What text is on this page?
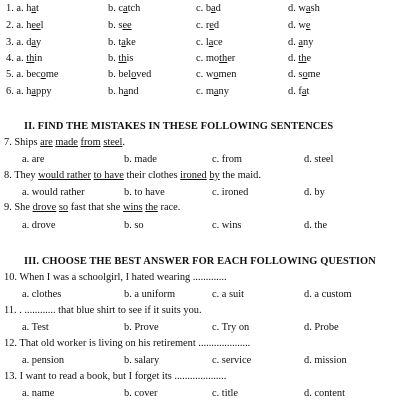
1. a. hat	b. catch	c. bad	d. wash
2. a. heel	b. see	c. red	d. we
3. a. day	b. take	c. lace	d. any
4. a. thin	b. this	c. mother	d. the
5. a. become	b. beloved	c. women	d. some
6. a. happy	b. hand	c. many	d. fat
II. FIND THE MISTAKES IN THESE FOLLOWING SENTENCES
7. Ships are made from steel.
a. are	b. made	c. from	d. steel
8. They would rather to have their clothes ironed by the maid.
a. would rather	b. to have	c. ironed	d. by
9. She drove so fast that she wins the race.
a. drove	b. so	c. wins	d. the
III. CHOOSE THE BEST ANSWER FOR EACH FOLLOWING QUESTION
10. When I was a schoolgirl, I hated wearing .............
a. clothes	b. a uniform	c. a suit	d. a custom
11. . ............ that blue shirt to see if it suits you.
a. Test	b. Prove	c. Try on	d. Probe
12. That old worker is living on his retirement ....................
a. pension	b. salary	c. service	d. mission
13. I want to read a book, but I forget its ....................
a. name	b. cover	c. title	d. content
